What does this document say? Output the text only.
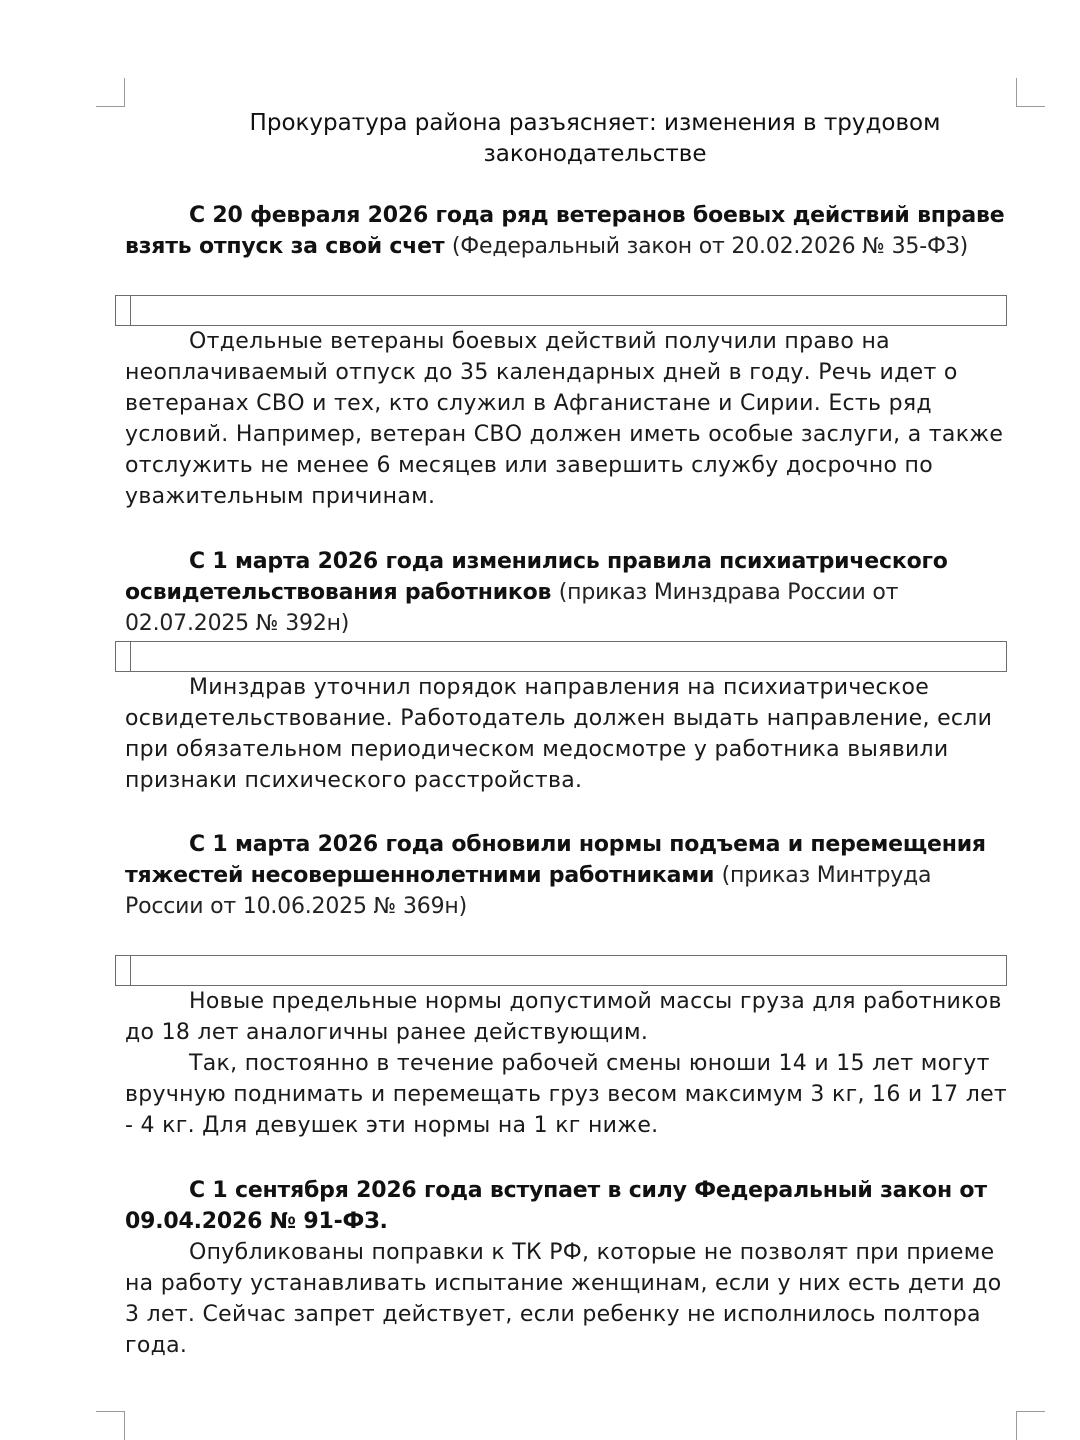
Прокуратура района разъясняет: изменения в трудовом законодательстве
С 20 февраля 2026 года ряд ветеранов боевых действий вправе взять отпуск за свой счет (Федеральный закон от 20.02.2026 № 35-ФЗ)
Отдельные ветераны боевых действий получили право на неоплачиваемый отпуск до 35 календарных дней в году. Речь идет о ветеранах СВО и тех, кто служил в Афганистане и Сирии. Есть ряд условий. Например, ветеран СВО должен иметь особые заслуги, а также отслужить не менее 6 месяцев или завершить службу досрочно по уважительным причинам.
С 1 марта 2026 года изменились правила психиатрического освидетельствования работников (приказ Минздрава России от 02.07.2025 № 392н)
Минздрав уточнил порядок направления на психиатрическое освидетельствование. Работодатель должен выдать направление, если при обязательном периодическом медосмотре у работника выявили признаки психического расстройства.
С 1 марта 2026 года обновили нормы подъема и перемещения тяжестей несовершеннолетними работниками (приказ Минтруда России от 10.06.2025 № 369н)

Новые предельные нормы допустимой массы груза для работников до 18 лет аналогичны ранее действующим.

Так, постоянно в течение рабочей смены юноши 14 и 15 лет могут вручную поднимать и перемещать груз весом максимум 3 кг, 16 и 17 лет - 4 кг. Для девушек эти нормы на 1 кг ниже.

С 1 сентября 2026 года вступает в силу Федеральный закон от 09.04.2026 № 91-ФЗ.
Опубликованы поправки к ТК РФ, которые не позволят при приеме на работу устанавливать испытание женщинам, если у них есть дети до 3 лет. Сейчас запрет действует, если ребенку не исполнилось полтора года.
